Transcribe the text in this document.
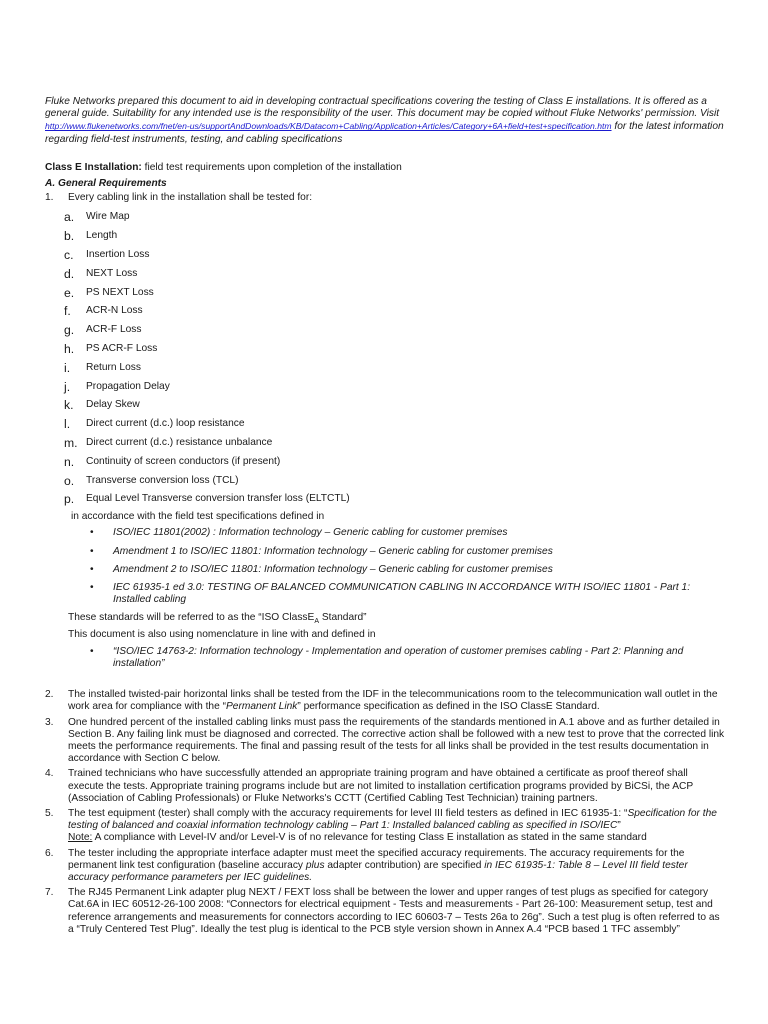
Fluke Networks prepared this document to aid in developing contractual specifications covering the testing of Class E installations. It is offered as a general guide. Suitability for any intended use is the responsibility of the user. This document may be copied without Fluke Networks' permission. Visit http://www.flukenetworks.com/fnet/en-us/supportAndDownloads/KB/Datacom+Cabling/Application+Articles/Category+6A+field+test+specification.htm for the latest information regarding field-test instruments, testing, and cabling specifications

Class E Installation: field test requirements upon completion of the installation
A. General Requirements
1. Every cabling link in the installation shall be tested for:
a. Wire Map
b. Length
c. Insertion Loss
d. NEXT Loss
e. PS NEXT Loss
f. ACR-N Loss
g. ACR-F Loss
h. PS ACR-F Loss
i. Return Loss
j. Propagation Delay
k. Delay Skew
l. Direct current (d.c.) loop resistance
m. Direct current (d.c.) resistance unbalance
n. Continuity of screen conductors (if present)
o. Transverse conversion loss (TCL)
p. Equal Level Transverse conversion transfer loss (ELTCTL)
in accordance with the field test specifications defined in
• ISO/IEC 11801(2002) : Information technology – Generic cabling for customer premises
• Amendment 1 to ISO/IEC 11801: Information technology – Generic cabling for customer premises
• Amendment 2 to ISO/IEC 11801: Information technology – Generic cabling for customer premises
• IEC 61935-1 ed 3.0: TESTING OF BALANCED COMMUNICATION CABLING IN ACCORDANCE WITH ISO/IEC 11801 - Part 1: Installed cabling
These standards will be referred to as the “ISO ClassE$_A$ Standard”
This document is also using nomenclature in line with and defined in
• “ISO/IEC 14763-2: Information technology - Implementation and operation of customer premises cabling - Part 2: Planning and installation”
2. The installed twisted-pair horizontal links shall be tested from the IDF in the telecommunications room to the telecommunication wall outlet in the work area for compliance with the “Permanent Link” performance specification as defined in the ISO ClassE Standard.
3. One hundred percent of the installed cabling links must pass the requirements of the standards mentioned in A.1 above and as further detailed in Section B. Any failing link must be diagnosed and corrected. The corrective action shall be followed with a new test to prove that the corrected link meets the performance requirements. The final and passing result of the tests for all links shall be provided in the test results documentation in accordance with Section C below.
4. Trained technicians who have successfully attended an appropriate training program and have obtained a certificate as proof thereof shall execute the tests. Appropriate training programs include but are not limited to installation certification programs provided by BiCSi, the ACP (Association of Cabling Professionals) or Fluke Networks's CCTT (Certified Cabling Test Technician) training partners.
5. The test equipment (tester) shall comply with the accuracy requirements for level III field testers as defined in IEC 61935-1: “Specification for the testing of balanced and coaxial information technology cabling – Part 1: Installed balanced cabling as specified in ISO/IEC”
Note: A compliance with Level-IV and/or Level-V is of no relevance for testing Class E installation as stated in the same standard
6. The tester including the appropriate interface adapter must meet the specified accuracy requirements. The accuracy requirements for the permanent link test configuration (baseline accuracy plus adapter contribution) are specified in IEC 61935-1: Table 8 – Level III field tester accuracy performance parameters per IEC guidelines.
7. The RJ45 Permanent Link adapter plug NEXT / FEXT loss shall be between the lower and upper ranges of test plugs as specified for category Cat.6A in IEC 60512-26-100 2008: “Connectors for electrical equipment - Tests and measurements - Part 26-100: Measurement setup, test and reference arrangements and measurements for connectors according to IEC 60603-7 – Tests 26a to 26g”. Such a test plug is often referred to as a “Truly Centered Test Plug”. Ideally the test plug is identical to the PCB style version shown in Annex A.4 “PCB based 1 TFC assembly”
